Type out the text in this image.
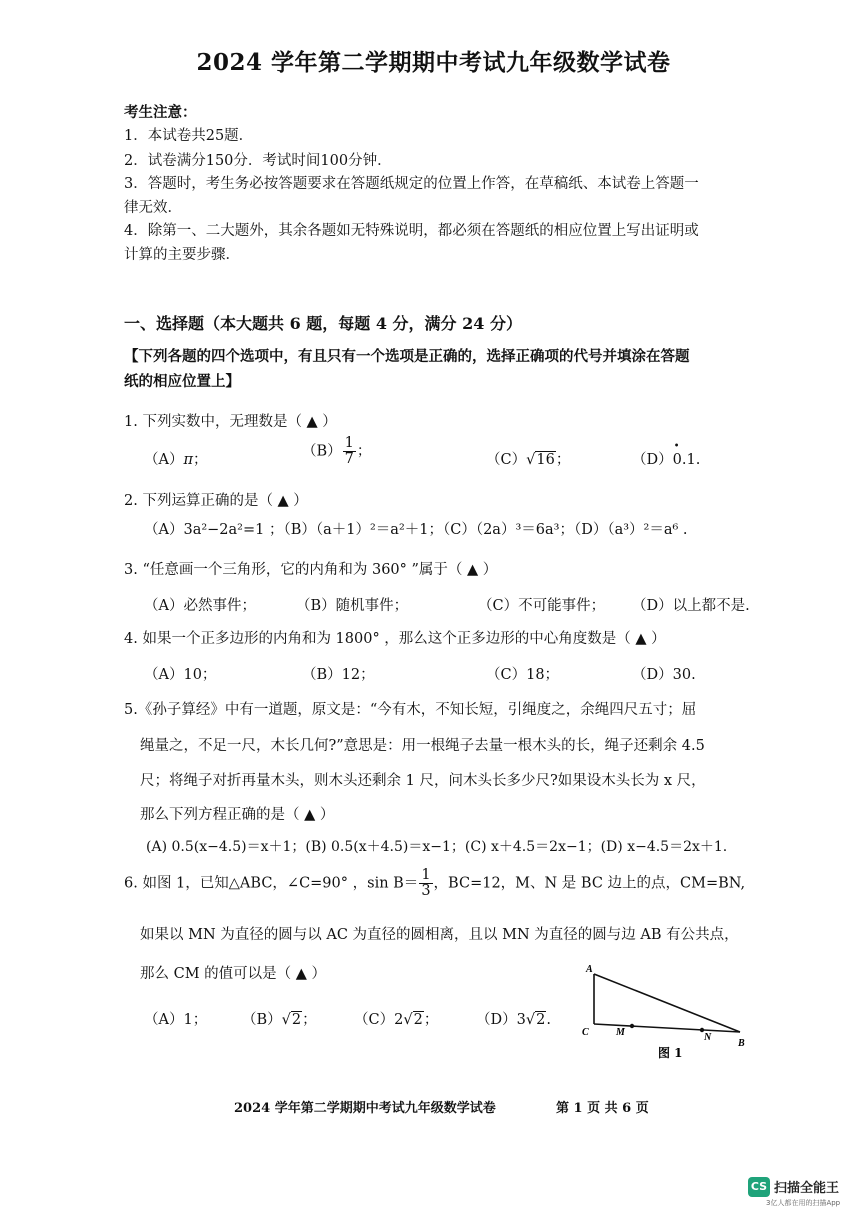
2024 学年第二学期期中考试九年级数学试卷
考生注意：
1．本试卷共25题．
2．试卷满分150分．考试时间100分钟．
3．答题时，考生务必按答题要求在答题纸规定的位置上作答，在草稿纸、本试卷上答题一
律无效．
4．除第一、二大题外，其余各题如无特殊说明，都必须在答题纸的相应位置上写出证明或
计算的主要步骤．
一、选择题（本大题共 6 题，每题 4 分，满分 24 分）
【下列各题的四个选项中，有且只有一个选项是正确的，选择正确项的代号并填涂在答题
纸的相应位置上】
1. 下列实数中，无理数是（ ▲ ）
（A）π；
$(B) \frac{1}{7}$ ；
（C）√16；	（D）• 0.1.
2. 下列运算正确的是（ ▲ ）
（A）3a²−2a²=1 ；（B）（a＋1）²＝a²＋1；（C）（2a）³＝6a³；（D）（a³）²＝a⁶ .
3. “任意画一个三角形，它的内角和为 360° ”属于（ ▲ ）
（A）必然事件；	（B）随机事件；	（C）不可能事件； （D）以上都不是.
4. 如果一个正多边形的内角和为 1800° ，那么这个正多边形的中心角度数是（ ▲ ）
（A）10；	（B）12；	（C）18；	（D）30.
5.《孙子算经》中有一道题，原文是：“今有木，不知长短，引绳度之，余绳四尺五寸；屈
绳量之，不足一尺，木长几何?”意思是：用一根绳子去量一根木头的长，绳子还剩余 4.5
尺；将绳子对折再量木头，则木头还剩余 1 尺，问木头长多少尺?如果设木头长为 x 尺，
那么下列方程正确的是（ ▲ ）
(A) 0.5(x−4.5)＝x＋1；(B) 0.5(x＋4.5)＝x−1；(C) x＋4.5＝2x−1；(D) x−4.5＝2x＋1.
6. 如图 1，已知△ABC，∠C=90° ，$\sin B= \frac{1}{3}$ ，BC=12，M、N 是 BC 边上的点，CM=BN,
如果以 MN 为直径的圆与以 AC 为直径的圆相离，且以 MN 为直径的圆与边 AB 有公共点，
那么 CM 的值可以是（ ▲ ）
（A）1； （B）√2；	（C）2√2；	（D）3√2.
A
C	M	N
B
图 1
2024 学年第二学期期中考试九年级数学试卷	第 1 页 共 6 页
CS 扫描全能王
3亿人都在用的扫描App
